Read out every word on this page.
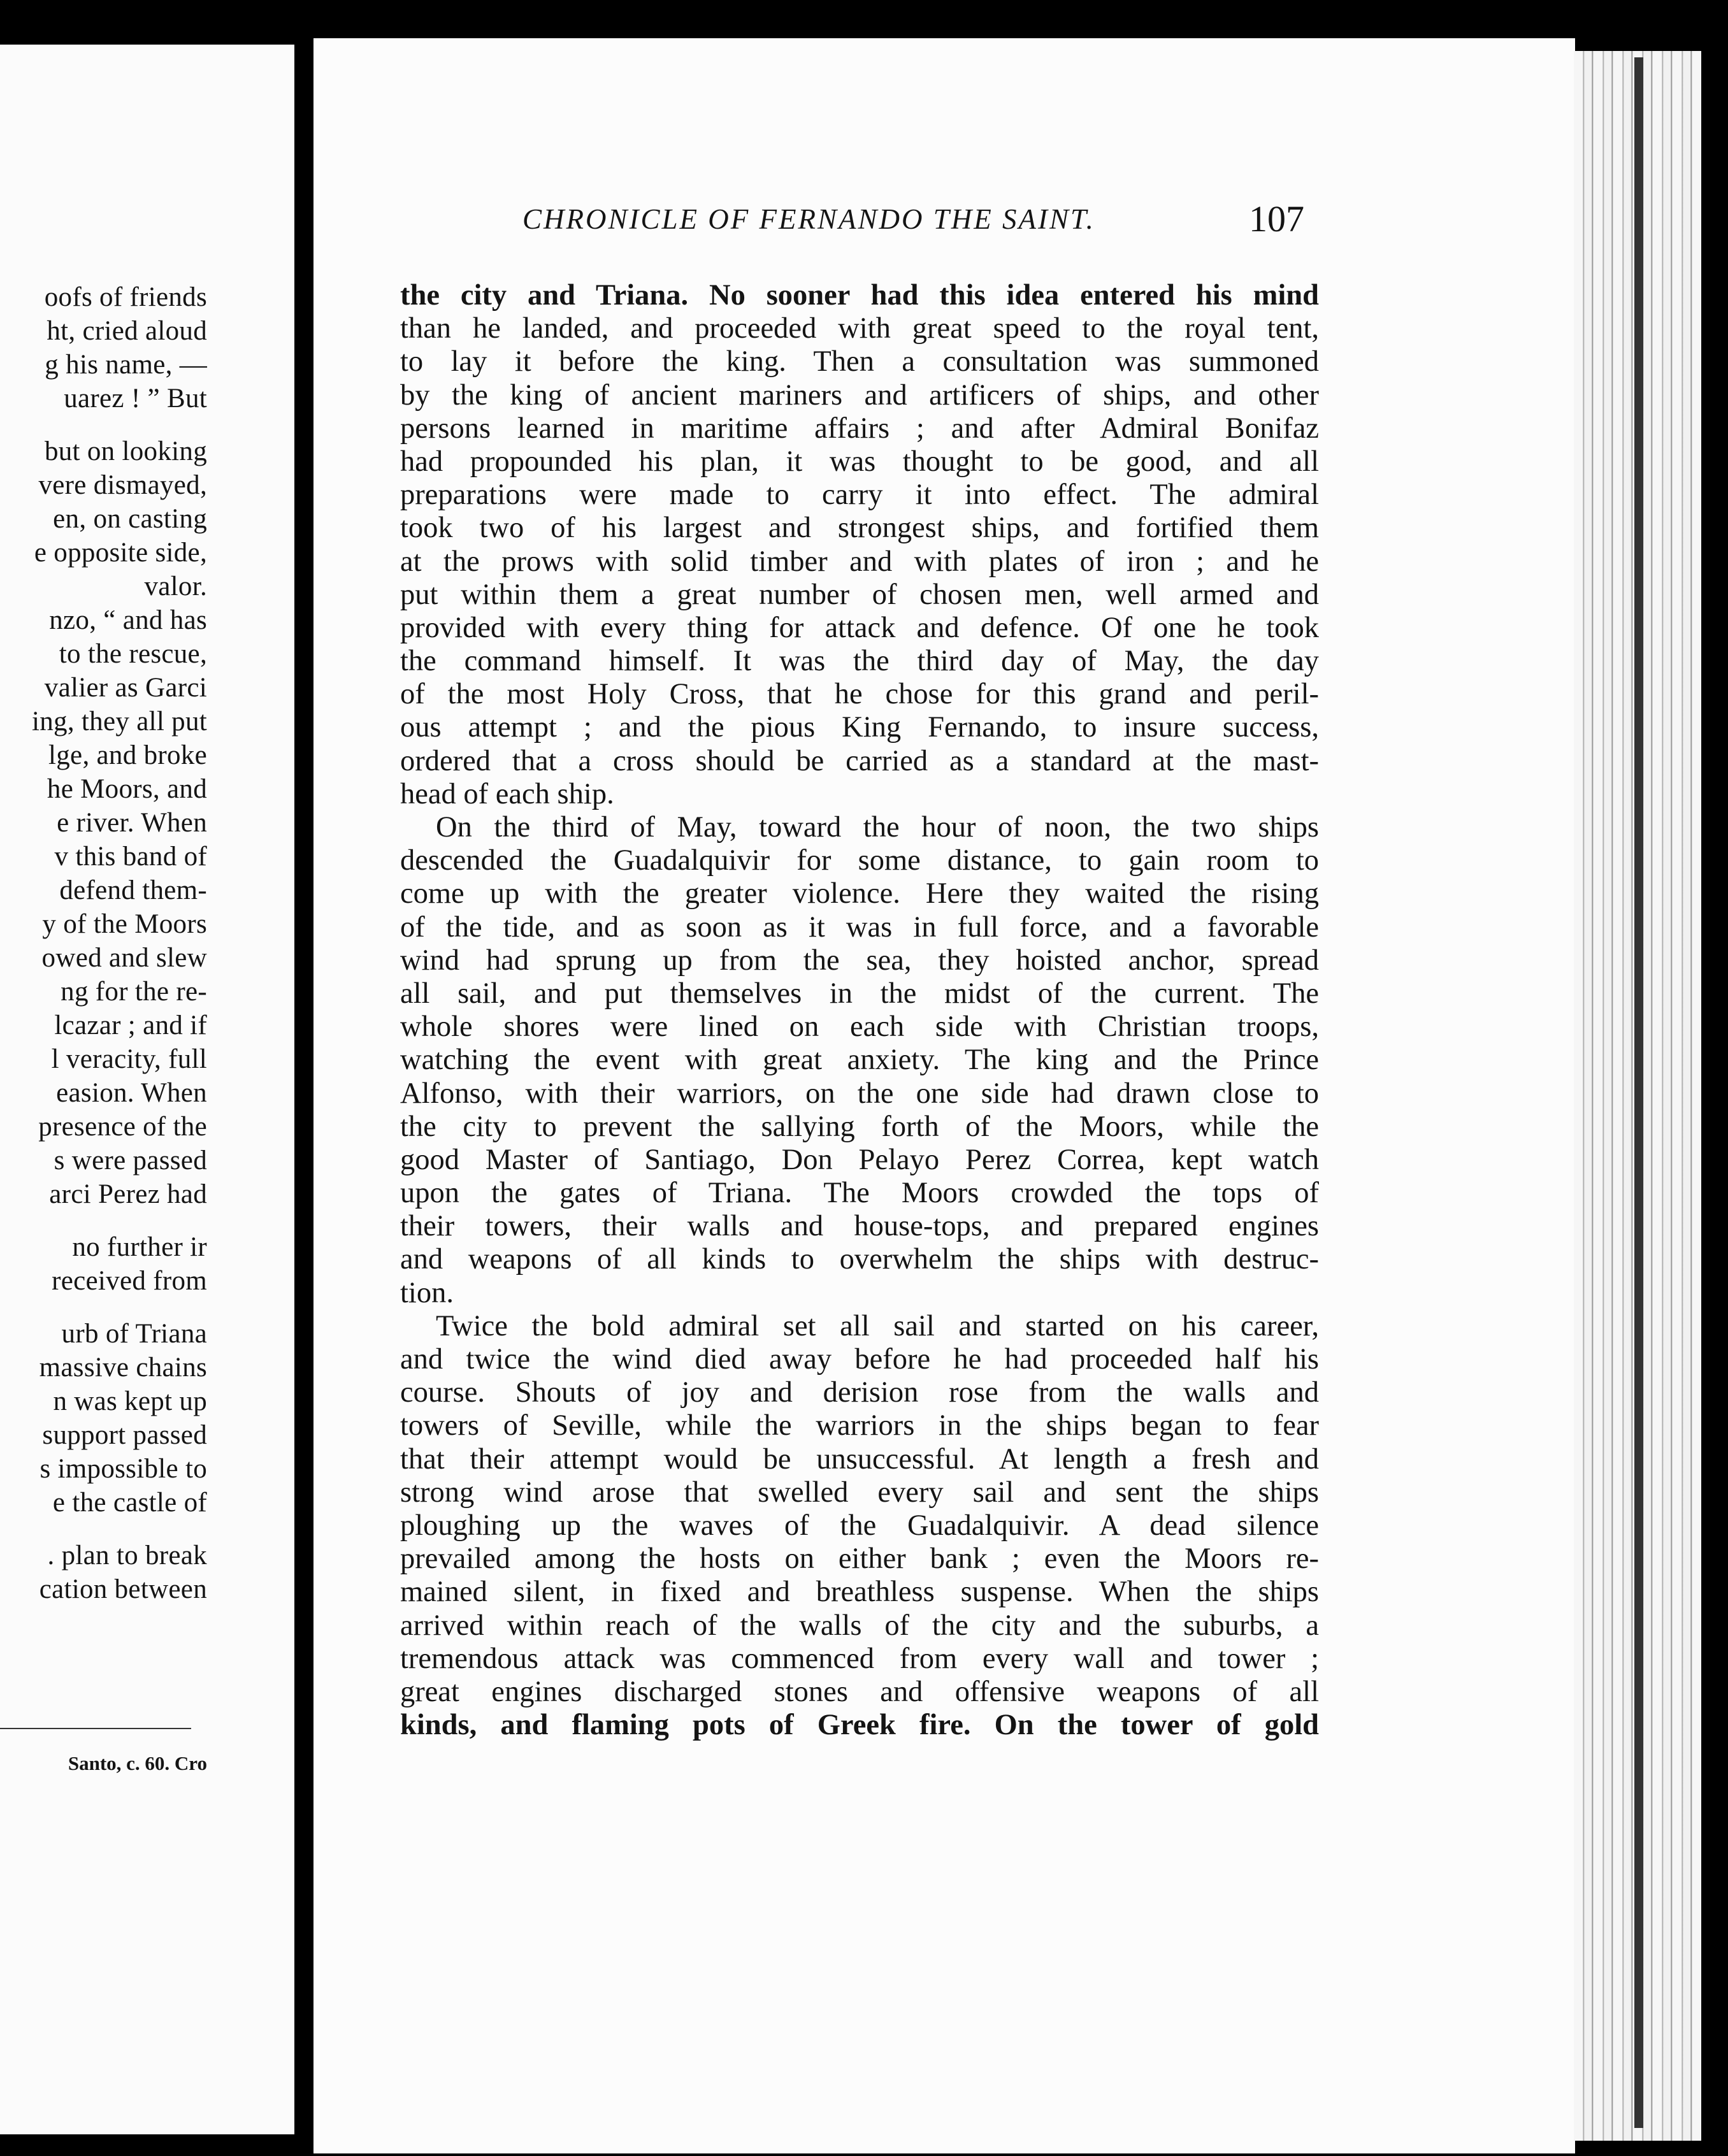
oofs of friends
ht, cried aloud
g his name, —
uarez ! ” But
but on looking
vere dismayed,
en, on casting
e opposite side,
valor.
nzo, “ and has
to the rescue,
valier as Garci
ing, they all put
lge, and broke
he Moors, and
e river. When
v this band of
defend them-
y of the Moors
owed and slew
ng for the re-
lcazar ; and if
l veracity, full
easion. When
presence of the
s were passed
arci Perez had
no further ir
received from
urb of Triana
massive chains
n was kept up
support passed
s impossible to
e the castle of
. plan to break
cation between
Santo, c. 60. Cro
CHRONICLE OF FERNANDO THE SAINT.	107
the city and Triana. No sooner had this idea entered his mind
than he landed, and proceeded with great speed to the royal tent,
to lay it before the king. Then a consultation was summoned
by the king of ancient mariners and artificers of ships, and other
persons learned in maritime affairs ; and after Admiral Bonifaz
had propounded his plan, it was thought to be good, and all
preparations were made to carry it into effect. The admiral
took two of his largest and strongest ships, and fortified them
at the prows with solid timber and with plates of iron ; and he
put within them a great number of chosen men, well armed and
provided with every thing for attack and defence. Of one he took
the command himself. It was the third day of May, the day
of the most Holy Cross, that he chose for this grand and peril-
ous attempt ; and the pious King Fernando, to insure success,
ordered that a cross should be carried as a standard at the mast-
head of each ship.
On the third of May, toward the hour of noon, the two ships
descended the Guadalquivir for some distance, to gain room to
come up with the greater violence. Here they waited the rising
of the tide, and as soon as it was in full force, and a favorable
wind had sprung up from the sea, they hoisted anchor, spread
all sail, and put themselves in the midst of the current. The
whole shores were lined on each side with Christian troops,
watching the event with great anxiety. The king and the Prince
Alfonso, with their warriors, on the one side had drawn close to
the city to prevent the sallying forth of the Moors, while the
good Master of Santiago, Don Pelayo Perez Correa, kept watch
upon the gates of Triana. The Moors crowded the tops of
their towers, their walls and house-tops, and prepared engines
and weapons of all kinds to overwhelm the ships with destruc-
tion.
Twice the bold admiral set all sail and started on his career,
and twice the wind died away before he had proceeded half his
course. Shouts of joy and derision rose from the walls and
towers of Seville, while the warriors in the ships began to fear
that their attempt would be unsuccessful. At length a fresh and
strong wind arose that swelled every sail and sent the ships
ploughing up the waves of the Guadalquivir. A dead silence
prevailed among the hosts on either bank ; even the Moors re-
mained silent, in fixed and breathless suspense. When the ships
arrived within reach of the walls of the city and the suburbs, a
tremendous attack was commenced from every wall and tower ;
great engines discharged stones and offensive weapons of all
kinds, and flaming pots of Greek fire. On the tower of gold
